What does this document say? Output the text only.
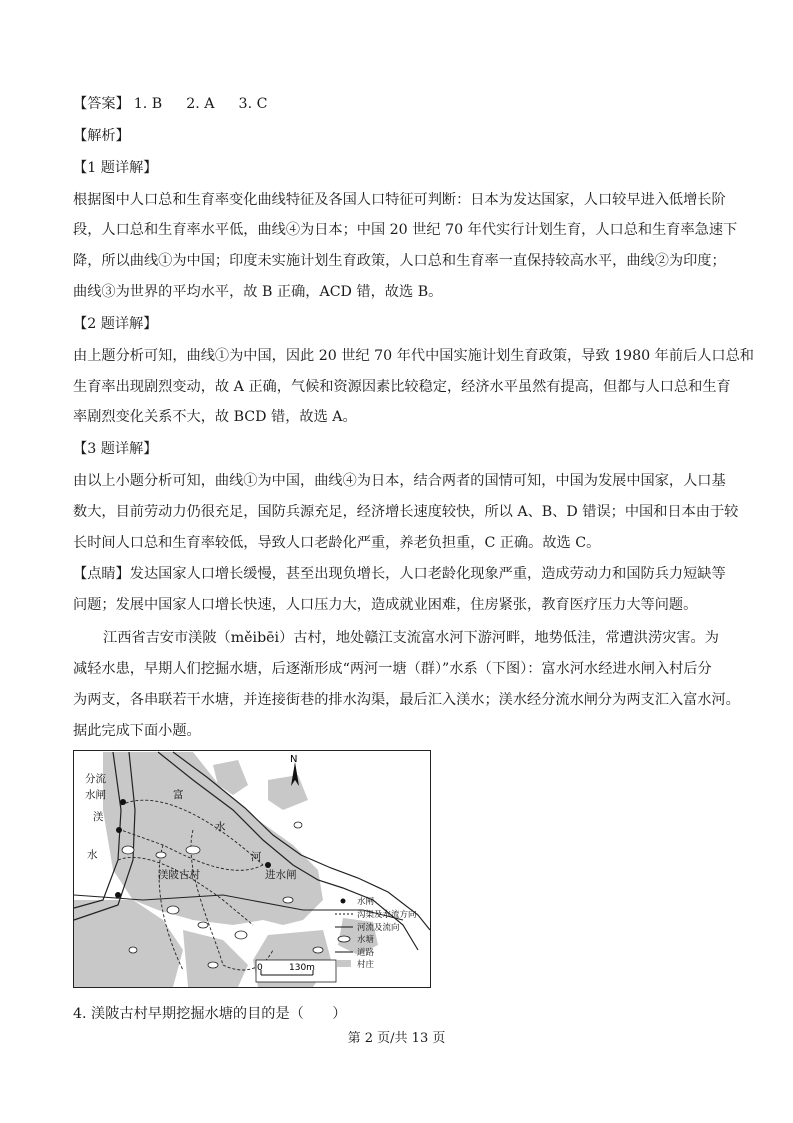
【答案】 1. B 2. A 3. C
【解析】
【1 题详解】
根据图中人口总和生育率变化曲线特征及各国人口特征可判断：日本为发达国家，人口较早进入低增长阶
段，人口总和生育率水平低，曲线④为日本；中国 20 世纪 70 年代实行计划生育，人口总和生育率急速下
降，所以曲线①为中国；印度未实施计划生育政策，人口总和生育率一直保持较高水平，曲线②为印度；
曲线③为世界的平均水平，故 B 正确，ACD 错，故选 B。
【2 题详解】
由上题分析可知，曲线①为中国，因此 20 世纪 70 年代中国实施计划生育政策，导致 1980 年前后人口总和
生育率出现剧烈变动，故 A 正确，气候和资源因素比较稳定，经济水平虽然有提高，但都与人口总和生育
率剧烈变化关系不大，故 BCD 错，故选 A。
【3 题详解】
由以上小题分析可知，曲线①为中国，曲线④为日本，结合两者的国情可知，中国为发展中国家，人口基
数大，目前劳动力仍很充足，国防兵源充足，经济增长速度较快，所以 A、B、D 错误；中国和日本由于较
长时间人口总和生育率较低，导致人口老龄化严重，养老负担重，C 正确。故选 C。
【点睛】发达国家人口增长缓慢，甚至出现负增长，人口老龄化现象严重，造成劳动力和国防兵力短缺等
问题；发展中国家人口增长快速，人口压力大，造成就业困难，住房紧张，教育医疗压力大等问题。
江西省吉安市渼陂（měibēi）古村，地处赣江支流富水河下游河畔，地势低洼，常遭洪涝灾害。为
减轻水患，早期人们挖掘水塘，后逐渐形成“两河一塘（群）”水系（下图）：富水河水经进水闸入村后分
为两支，各串联若干水塘，并连接街巷的排水沟渠，最后汇入渼水；渼水经分流水闸分为两支汇入富水河。
据此完成下面小题。
N
分流
水闸
渼
水
富
水
河
进水闸
渼陂古村
0	130m
水闸
沟渠及水流方向
河流及流向
水塘
道路
村庄
4. 渼陂古村早期挖掘水塘的目的是（　　）
第 2 页/共 13 页
